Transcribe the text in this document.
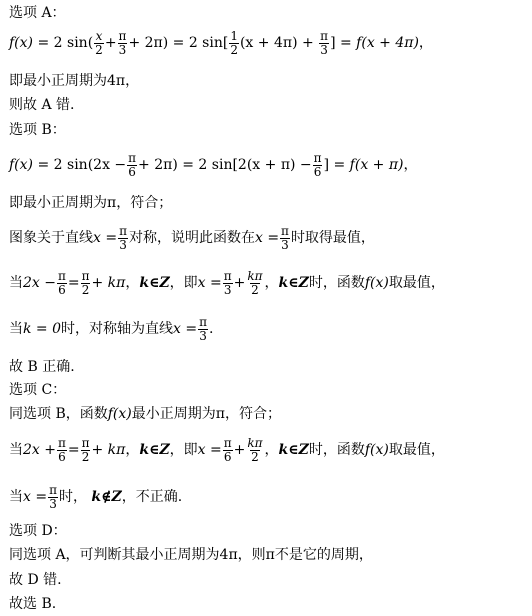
选项 A：
f(x)
=
2 sin ( $\frac{x}{2} + \frac{\pi}{3} + 2\pi) = 2$ $\sin[ \frac{1}{2} (x + 4\pi)$ +
$\frac{\pi}{3}$ ] =
f(x + 4π) ，
即最小正周期为4π，
则故 A 错.
选项 B：
f(x)
=
2 $\sin (2x - \frac{\pi}{6} + 2\pi) = 2$ $\sin[2(x + \pi) - \frac{\pi}{6}$ ] =
f(x + π) ，
即最小正周期为π，符合；
图象关于直线 $x = \frac{\pi}{3}$ 对称，说明此函数在 $x = \frac{\pi}{3}$ 时取得最值，
当 $2x - \frac{\pi}{6} = \frac{\pi}{2} + k\pi$ ， k∈Z ，即 $x = \frac{\pi}{3} + \frac{k\pi}{2}$ ， k∈Z 时，函数 f(x) 取最值，
当 k = 0 时，对称轴为直线 $x = \frac{\pi}{3}$ .
故 B 正确.
选项 C：
同选项 B，函数 f(x) 最小正周期为π，符合；
当 $2x + \frac{\pi}{6} = \frac{\pi}{2} + k\pi$ ， k∈Z ，即 $x = \frac{\pi}{6} + \frac{k\pi}{2}$ ， k∈Z 时，函数 f(x) 取最值，
当 $x = \frac{\pi}{3}$ 时，
k∉Z ，不正确.
选项 D：
同选项 A，可判断其最小正周期为4π，则π不是它的周期，
故 D 错.
故选 B.
